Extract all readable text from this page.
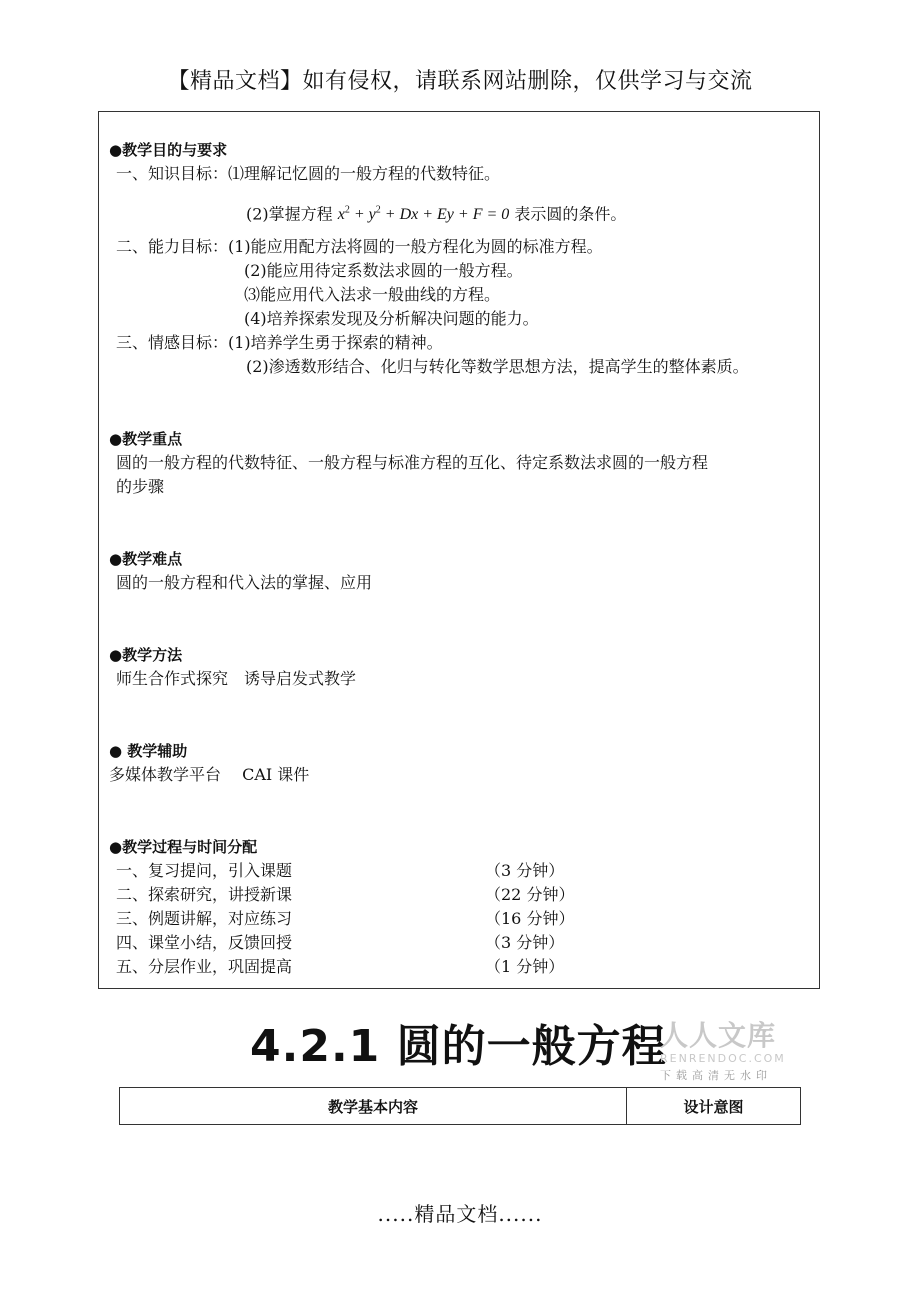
【精品文档】如有侵权，请联系网站删除，仅供学习与交流
●教学目的与要求
一、知识目标：⑴理解记忆圆的一般方程的代数特征。
(2)掌握方程 $x^2 + y^2 + Dx + Ey + F = 0$ 表示圆的条件。
二、能力目标：(1)能应用配方法将圆的一般方程化为圆的标准方程。
(2)能应用待定系数法求圆的一般方程。
⑶能应用代入法求一般曲线的方程。
(4)培养探索发现及分析解决问题的能力。
三、情感目标：(1)培养学生勇于探索的精神。
(2)渗透数形结合、化归与转化等数学思想方法，提高学生的整体素质。
●教学重点
圆的一般方程的代数特征、一般方程与标准方程的互化、待定系数法求圆的一般方程
的步骤
●教学难点
圆的一般方程和代入法的掌握、应用
●教学方法
师生合作式探究　诱导启发式教学
● 教学辅助
多媒体教学平台　 CAI 课件
●教学过程与时间分配
一、复习提问，引入课题	（3 分钟）
二、探索研究，讲授新课	（22 分钟）
三、例题讲解，对应练习	（16 分钟）
四、课堂小结，反馈回授	（3 分钟）
五、分层作业，巩固提高	（1 分钟）
4.2.1 圆的一般方程
人人文库
RENRENDOC.COM
下载高清无水印
教学基本内容	设计意图
.....精品文档......
